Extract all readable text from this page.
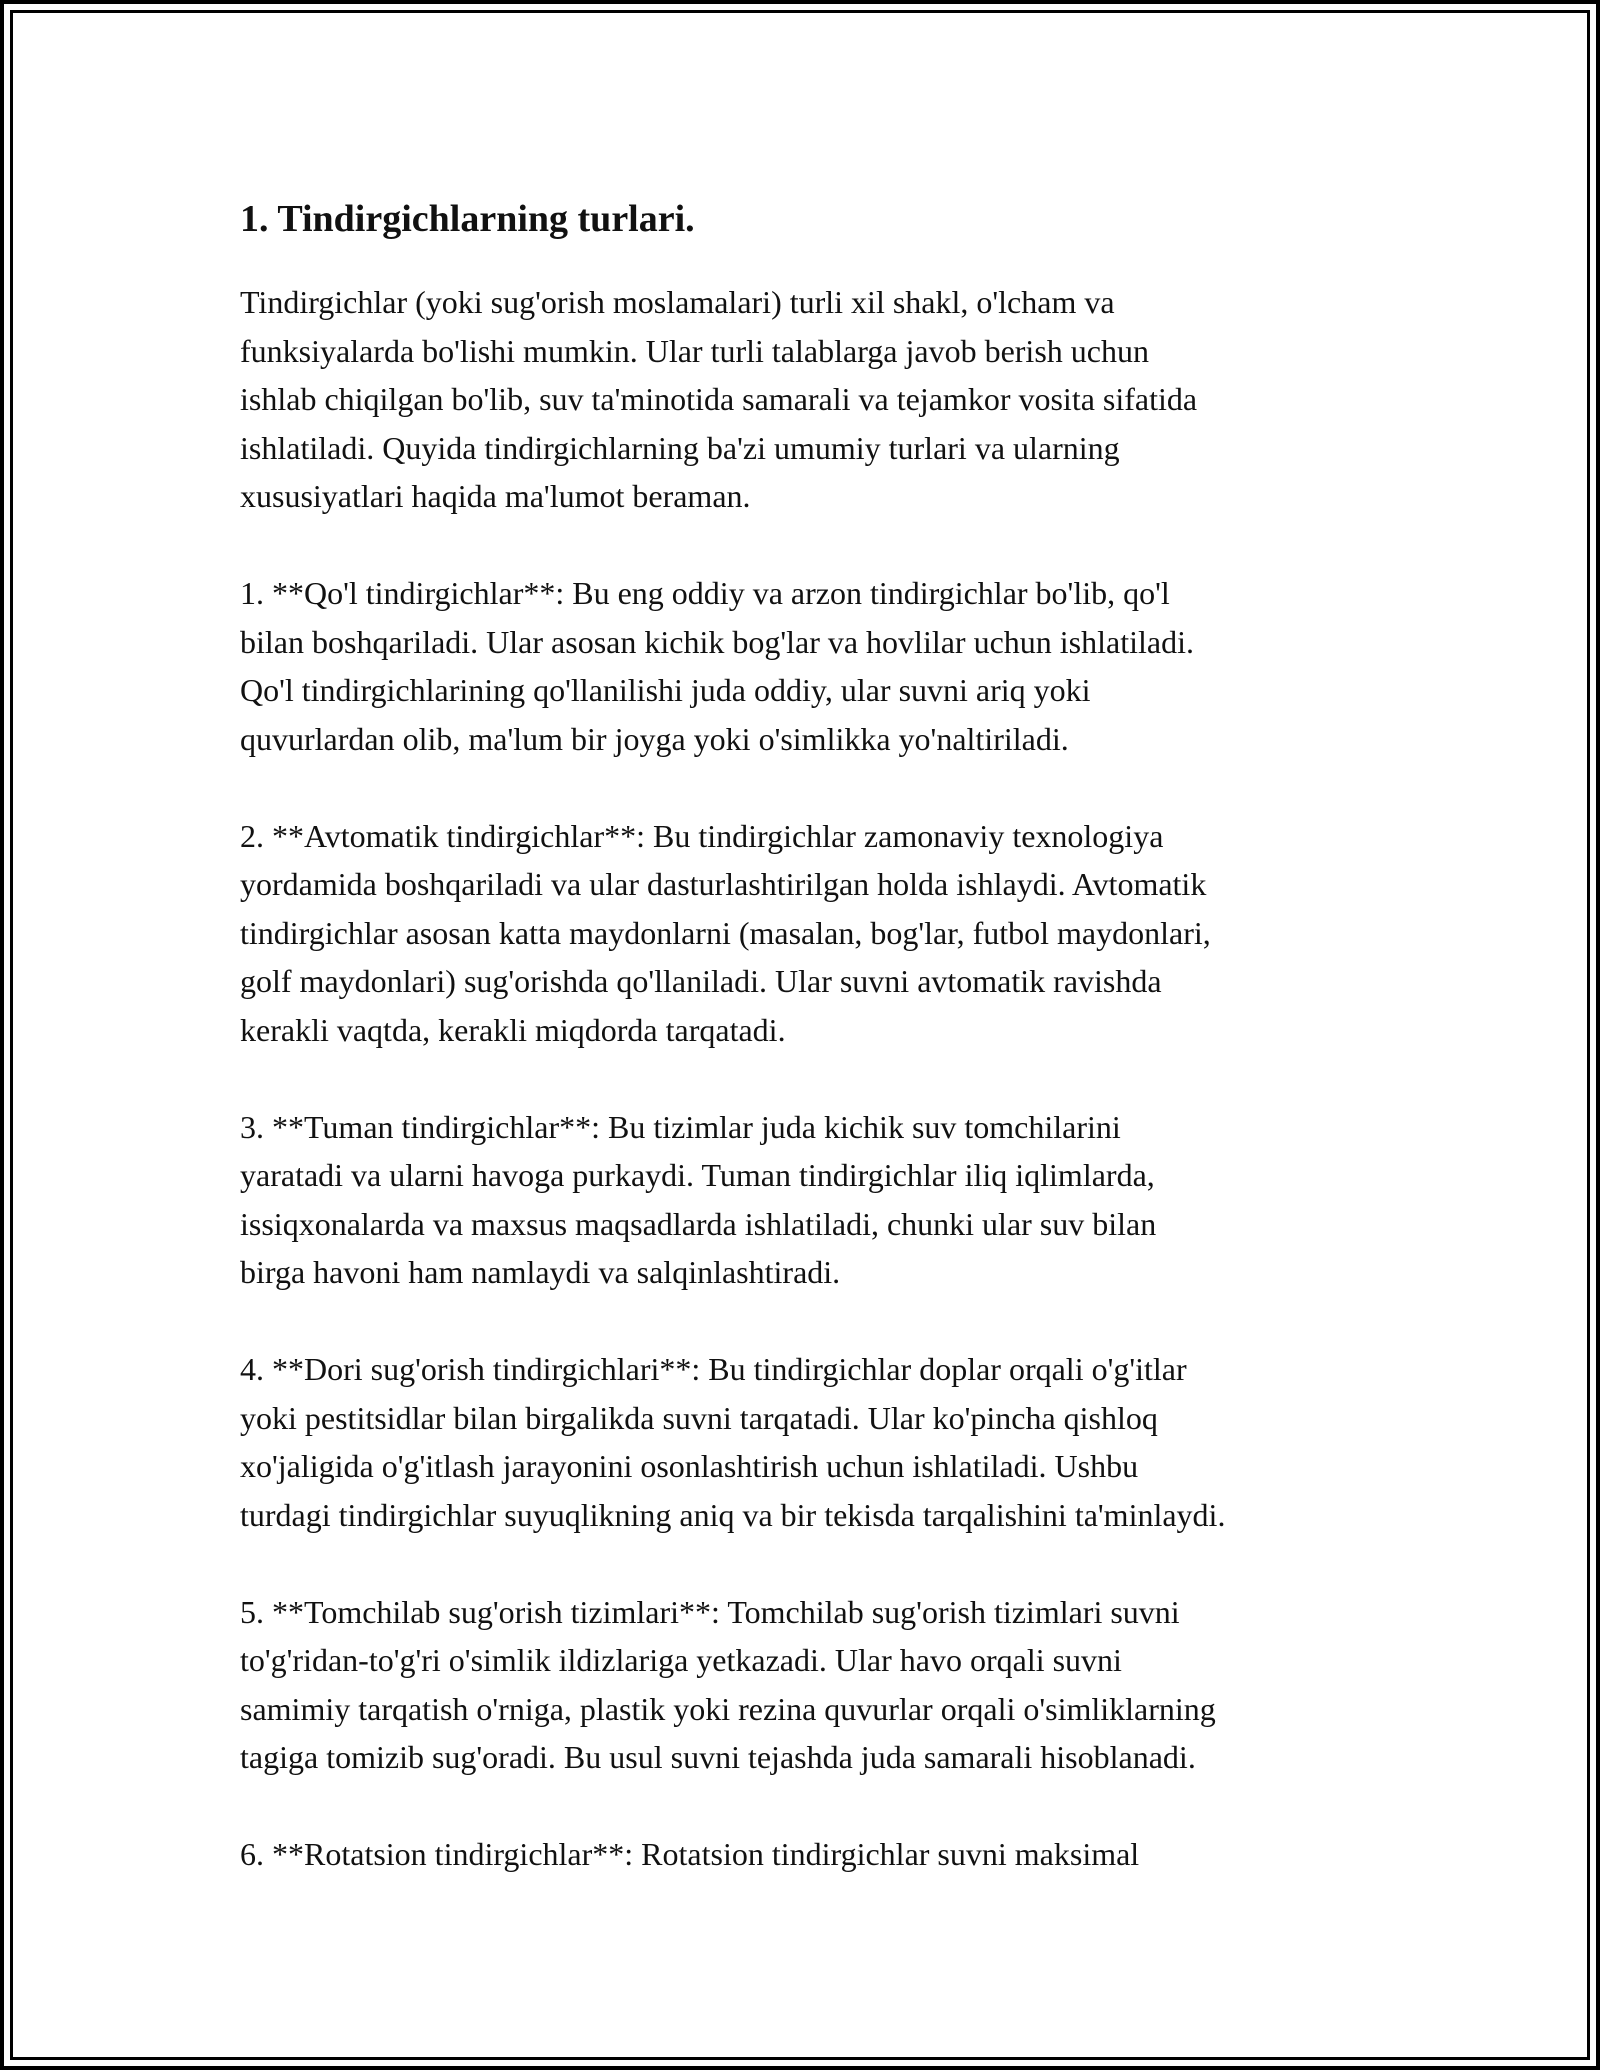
1. Tindirgichlarning turlari.

Tindirgichlar (yoki sug'orish moslamalari) turli xil shakl, o'lcham va
funksiyalarda bo'lishi mumkin. Ular turli talablarga javob berish uchun
ishlab chiqilgan bo'lib, suv ta'minotida samarali va tejamkor vosita sifatida
ishlatiladi. Quyida tindirgichlarning ba'zi umumiy turlari va ularning
xususiyatlari haqida ma'lumot beraman.

1. **Qo'l tindirgichlar**: Bu eng oddiy va arzon tindirgichlar bo'lib, qo'l
bilan boshqariladi. Ular asosan kichik bog'lar va hovlilar uchun ishlatiladi.
Qo'l tindirgichlarining qo'llanilishi juda oddiy, ular suvni ariq yoki
quvurlardan olib, ma'lum bir joyga yoki o'simlikka yo'naltiriladi.

2. **Avtomatik tindirgichlar**: Bu tindirgichlar zamonaviy texnologiya
yordamida boshqariladi va ular dasturlashtirilgan holda ishlaydi. Avtomatik
tindirgichlar asosan katta maydonlarni (masalan, bog'lar, futbol maydonlari,
golf maydonlari) sug'orishda qo'llaniladi. Ular suvni avtomatik ravishda
kerakli vaqtda, kerakli miqdorda tarqatadi.

3. **Tuman tindirgichlar**: Bu tizimlar juda kichik suv tomchilarini
yaratadi va ularni havoga purkaydi. Tuman tindirgichlar iliq iqlimlarda,
issiqxonalarda va maxsus maqsadlarda ishlatiladi, chunki ular suv bilan
birga havoni ham namlaydi va salqinlashtiradi.

4. **Dori sug'orish tindirgichlari**: Bu tindirgichlar doplar orqali o'g'itlar
yoki pestitsidlar bilan birgalikda suvni tarqatadi. Ular ko'pincha qishloq
xo'jaligida o'g'itlash jarayonini osonlashtirish uchun ishlatiladi. Ushbu
turdagi tindirgichlar suyuqlikning aniq va bir tekisda tarqalishini ta'minlaydi.

5. **Tomchilab sug'orish tizimlari**: Tomchilab sug'orish tizimlari suvni
to'g'ridan-to'g'ri o'simlik ildizlariga yetkazadi. Ular havo orqali suvni
samimiy tarqatish o'rniga, plastik yoki rezina quvurlar orqali o'simliklarning
tagiga tomizib sug'oradi. Bu usul suvni tejashda juda samarali hisoblanadi.

6. **Rotatsion tindirgichlar**: Rotatsion tindirgichlar suvni maksimal
